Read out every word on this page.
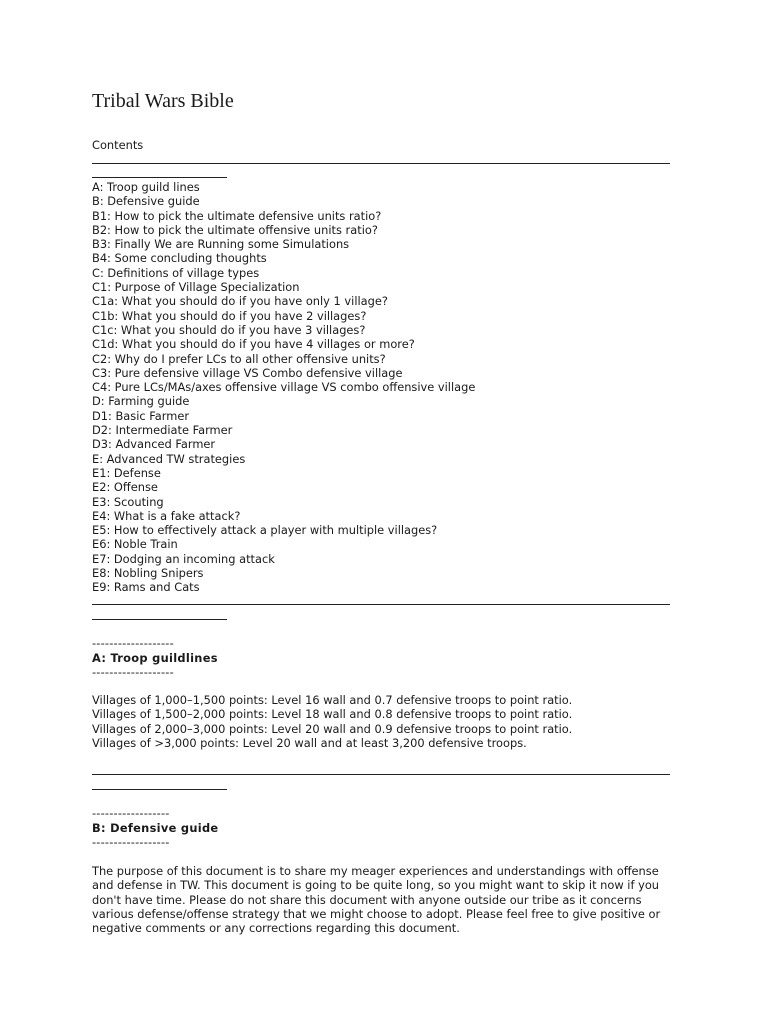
Tribal Wars Bible
Contents
A: Troop guild lines
B: Defensive guide
B1: How to pick the ultimate defensive units ratio?
B2: How to pick the ultimate offensive units ratio?
B3: Finally We are Running some Simulations
B4: Some concluding thoughts
C: Definitions of village types
C1: Purpose of Village Specialization
C1a: What you should do if you have only 1 village?
C1b: What you should do if you have 2 villages?
C1c: What you should do if you have 3 villages?
C1d: What you should do if you have 4 villages or more?
C2: Why do I prefer LCs to all other offensive units?
C3: Pure defensive village VS Combo defensive village
C4: Pure LCs/MAs/axes offensive village VS combo offensive village
D: Farming guide
D1: Basic Farmer
D2: Intermediate Farmer
D3: Advanced Farmer
E: Advanced TW strategies
E1: Defense
E2: Offense
E3: Scouting
E4: What is a fake attack?
E5: How to effectively attack a player with multiple villages?
E6: Noble Train
E7: Dodging an incoming attack
E8: Nobling Snipers
E9: Rams and Cats
-------------------
A: Troop guildlines
-------------------
Villages of 1,000–1,500 points: Level 16 wall and 0.7 defensive troops to point ratio.
Villages of 1,500–2,000 points: Level 18 wall and 0.8 defensive troops to point ratio.
Villages of 2,000–3,000 points: Level 20 wall and 0.9 defensive troops to point ratio.
Villages of >3,000 points: Level 20 wall and at least 3,200 defensive troops.
------------------
B: Defensive guide
------------------
The purpose of this document is to share my meager experiences and understandings with offense and defense in TW. This document is going to be quite long, so you might want to skip it now if you don't have time. Please do not share this document with anyone outside our tribe as it concerns various defense/offense strategy that we might choose to adopt. Please feel free to give positive or negative comments or any corrections regarding this document.
